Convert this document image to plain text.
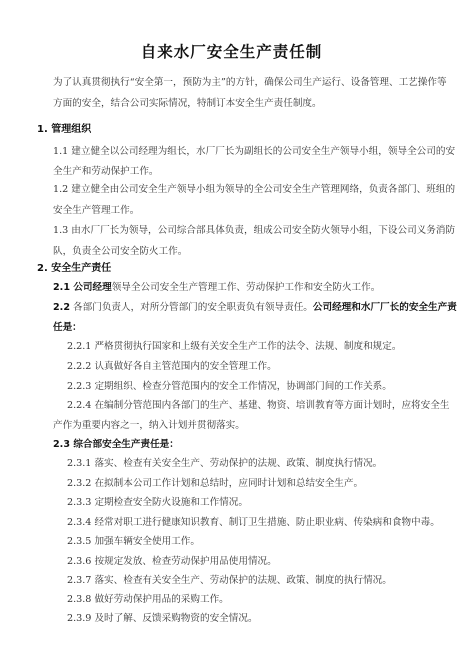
自来水厂安全生产责任制
为了认真贯彻执行“安全第一，预防为主”的方针，确保公司生产运行、设备管理、工艺操作等
方面的安全，结合公司实际情况，特制订本安全生产责任制度。
1. 管理组织
1.1 建立健全以公司经理为组长，水厂厂长为副组长的公司安全生产领导小组，领导全公司的安
全生产和劳动保护工作。
1.2 建立健全由公司安全生产领导小组为领导的全公司安全生产管理网络，负责各部门、班组的
安全生产管理工作。
1.3 由水厂厂长为领导，公司综合部具体负责，组成公司安全防火领导小组，下设公司义务消防
队，负责全公司安全防火工作。
2. 安全生产责任
2.1 公司经理领导全公司安全生产管理工作、劳动保护工作和安全防火工作。
2.2 各部门负责人，对所分管部门的安全职责负有领导责任。公司经理和水厂厂长的安全生产责
任是：
2.2.1 严格贯彻执行国家和上级有关安全生产工作的法令、法规、制度和规定。
2.2.2 认真做好各自主管范围内的安全管理工作。
2.2.3 定期组织、检查分管范围内的安全工作情况，协调部门间的工作关系。
2.2.4 在编制分管范围内各部门的生产、基建、物资、培训教育等方面计划时，应将安全生
产作为重要内容之一，纳入计划并贯彻落实。
2.3 综合部安全生产责任是：
2.3.1 落实、检查有关安全生产、劳动保护的法规、政策、制度执行情况。
2.3.2 在拟制本公司工作计划和总结时，应同时计划和总结安全生产。
2.3.3 定期检查安全防火设施和工作情况。
2.3.4 经常对职工进行健康知识教育、制订卫生措施、防止职业病、传染病和食物中毒。
2.3.5 加强车辆安全使用工作。
2.3.6 按规定发放、检查劳动保护用品使用情况。
2.3.7 落实、检查有关安全生产、劳动保护的法规、政策、制度的执行情况。
2.3.8 做好劳动保护用品的采购工作。
2.3.9 及时了解、反馈采购物资的安全情况。
